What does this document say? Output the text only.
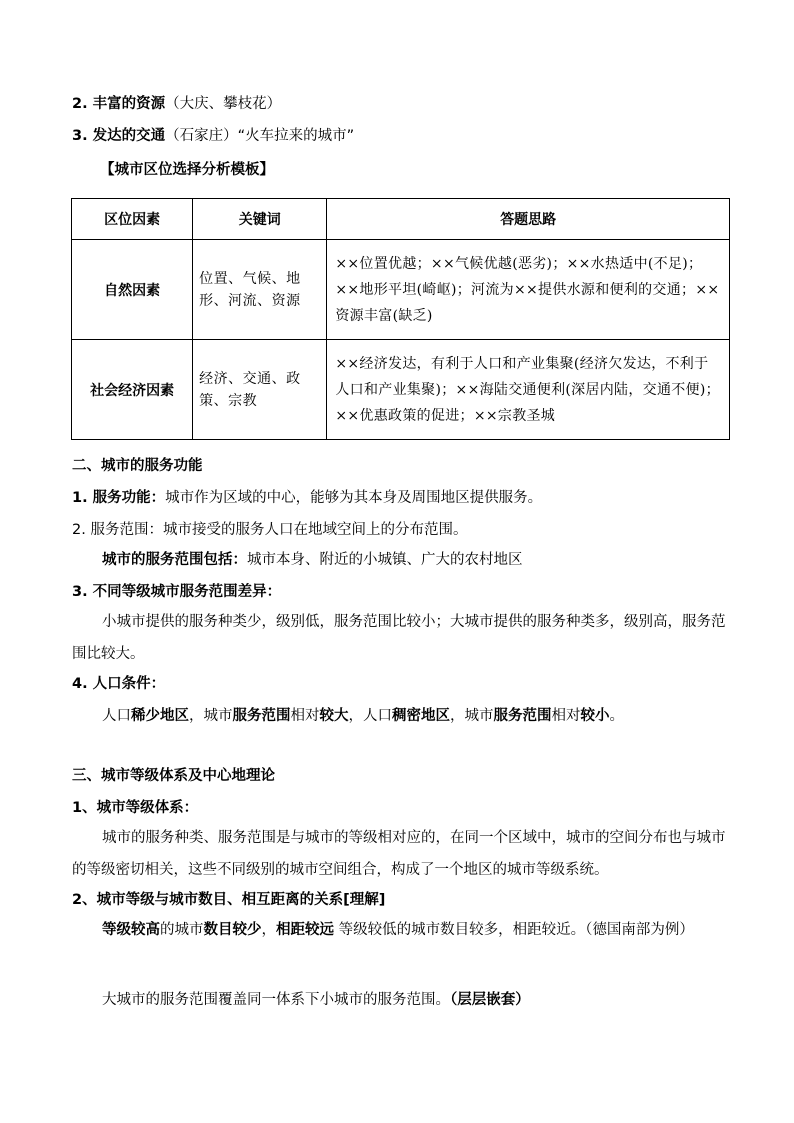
2. 丰富的资源（大庆、攀枝花）
3. 发达的交通（石家庄）“火车拉来的城市”
【城市区位选择分析模板】
区位因素	关键词	答题思路
自然因素	位置、气候、地形、河流、资源	××位置优越；××气候优越(恶劣)；××水热适中(不足)；××地形平坦(崎岖)；河流为××提供水源和便利的交通；××资源丰富(缺乏)
社会经济因素	经济、交通、政策、宗教	××经济发达，有利于人口和产业集聚(经济欠发达，不利于人口和产业集聚)；××海陆交通便利(深居内陆，交通不便)；××优惠政策的促进；××宗教圣城
二、城市的服务功能
1. 服务功能：城市作为区域的中心，能够为其本身及周围地区提供服务。
2. 服务范围：城市接受的服务人口在地域空间上的分布范围。
城市的服务范围包括：城市本身、附近的小城镇、广大的农村地区
3. 不同等级城市服务范围差异：
小城市提供的服务种类少，级别低，服务范围比较小；大城市提供的服务种类多，级别高，服务范围比较大。
4. 人口条件：
人口稀少地区，城市服务范围相对较大，人口稠密地区，城市服务范围相对较小。
三、城市等级体系及中心地理论
1、城市等级体系：
城市的服务种类、服务范围是与城市的等级相对应的，在同一个区域中，城市的空间分布也与城市的等级密切相关，这些不同级别的城市空间组合，构成了一个地区的城市等级系统。
2、城市等级与城市数目、相互距离的关系[理解]
等级较高的城市数目较少，相距较远 等级较低的城市数目较多，相距较近。（德国南部为例）
大城市的服务范围覆盖同一体系下小城市的服务范围。（层层嵌套）
